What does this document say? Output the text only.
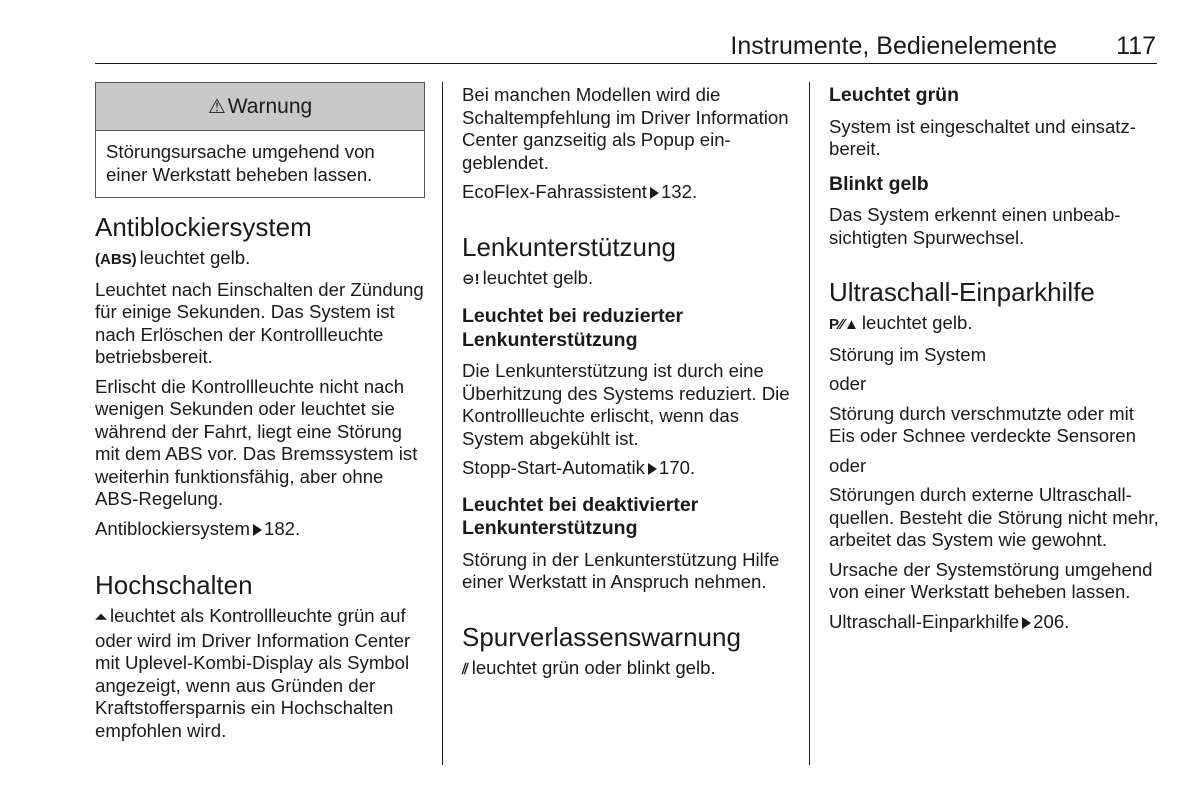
Instrumente, Bedienelemente 117
⚠Warnung
Störungsursache umgehend von einer Werkstatt beheben lassen.
Antiblockiersystem

(ABS) leuchtet gelb.

Leuchtet nach Einschalten der Zündung für einige Sekunden. Das System ist nach Erlöschen der Kontrollleuchte betriebsbereit.

Erlischt die Kontrollleuchte nicht nach wenigen Sekunden oder leuchtet sie während der Fahrt, liegt eine Störung mit dem ABS vor. Das Bremssystem ist weiterhin funktionsfähig, aber ohne ABS-Regelung.

Antiblockiersystem 182.

Hochschalten

⏶ leuchtet als Kontrollleuchte grün auf oder wird im Driver Information Center mit Uplevel-Kombi-Display als Symbol angezeigt, wenn aus Gründen der Kraftstoffersparnis ein Hochschalten empfohlen wird.

Bei manchen Modellen wird die Schaltempfehlung im Driver Information Center ganzseitig als Popup eingeblendet.

EcoFlex-Fahrassistent 132.

Lenkunterstützung

⊖! leuchtet gelb.

Leuchtet bei reduzierter Lenkunterstützung

Die Lenkunterstützung ist durch eine Überhitzung des Systems reduziert. Die Kontrollleuchte erlischt, wenn das System abgekühlt ist.

Stopp-Start-Automatik 170.

Leuchtet bei deaktivierter Lenkunterstützung

Störung in der Lenkunterstützung Hilfe einer Werkstatt in Anspruch nehmen.

Spurverlassenswarnung

⫽ leuchtet grün oder blinkt gelb.

Leuchtet grün

System ist eingeschaltet und einsatzbereit.

Blinkt gelb

Das System erkennt einen unbeabsichtigten Spurwechsel.

Ultraschall-Einparkhilfe

P⁄⁄▲ leuchtet gelb.

Störung im System

oder

Störung durch verschmutzte oder mit Eis oder Schnee verdeckte Sensoren

oder

Störungen durch externe Ultraschallquellen. Besteht die Störung nicht mehr, arbeitet das System wie gewohnt.

Ursache der Systemstörung umgehend von einer Werkstatt beheben lassen.

Ultraschall-Einparkhilfe 206.
